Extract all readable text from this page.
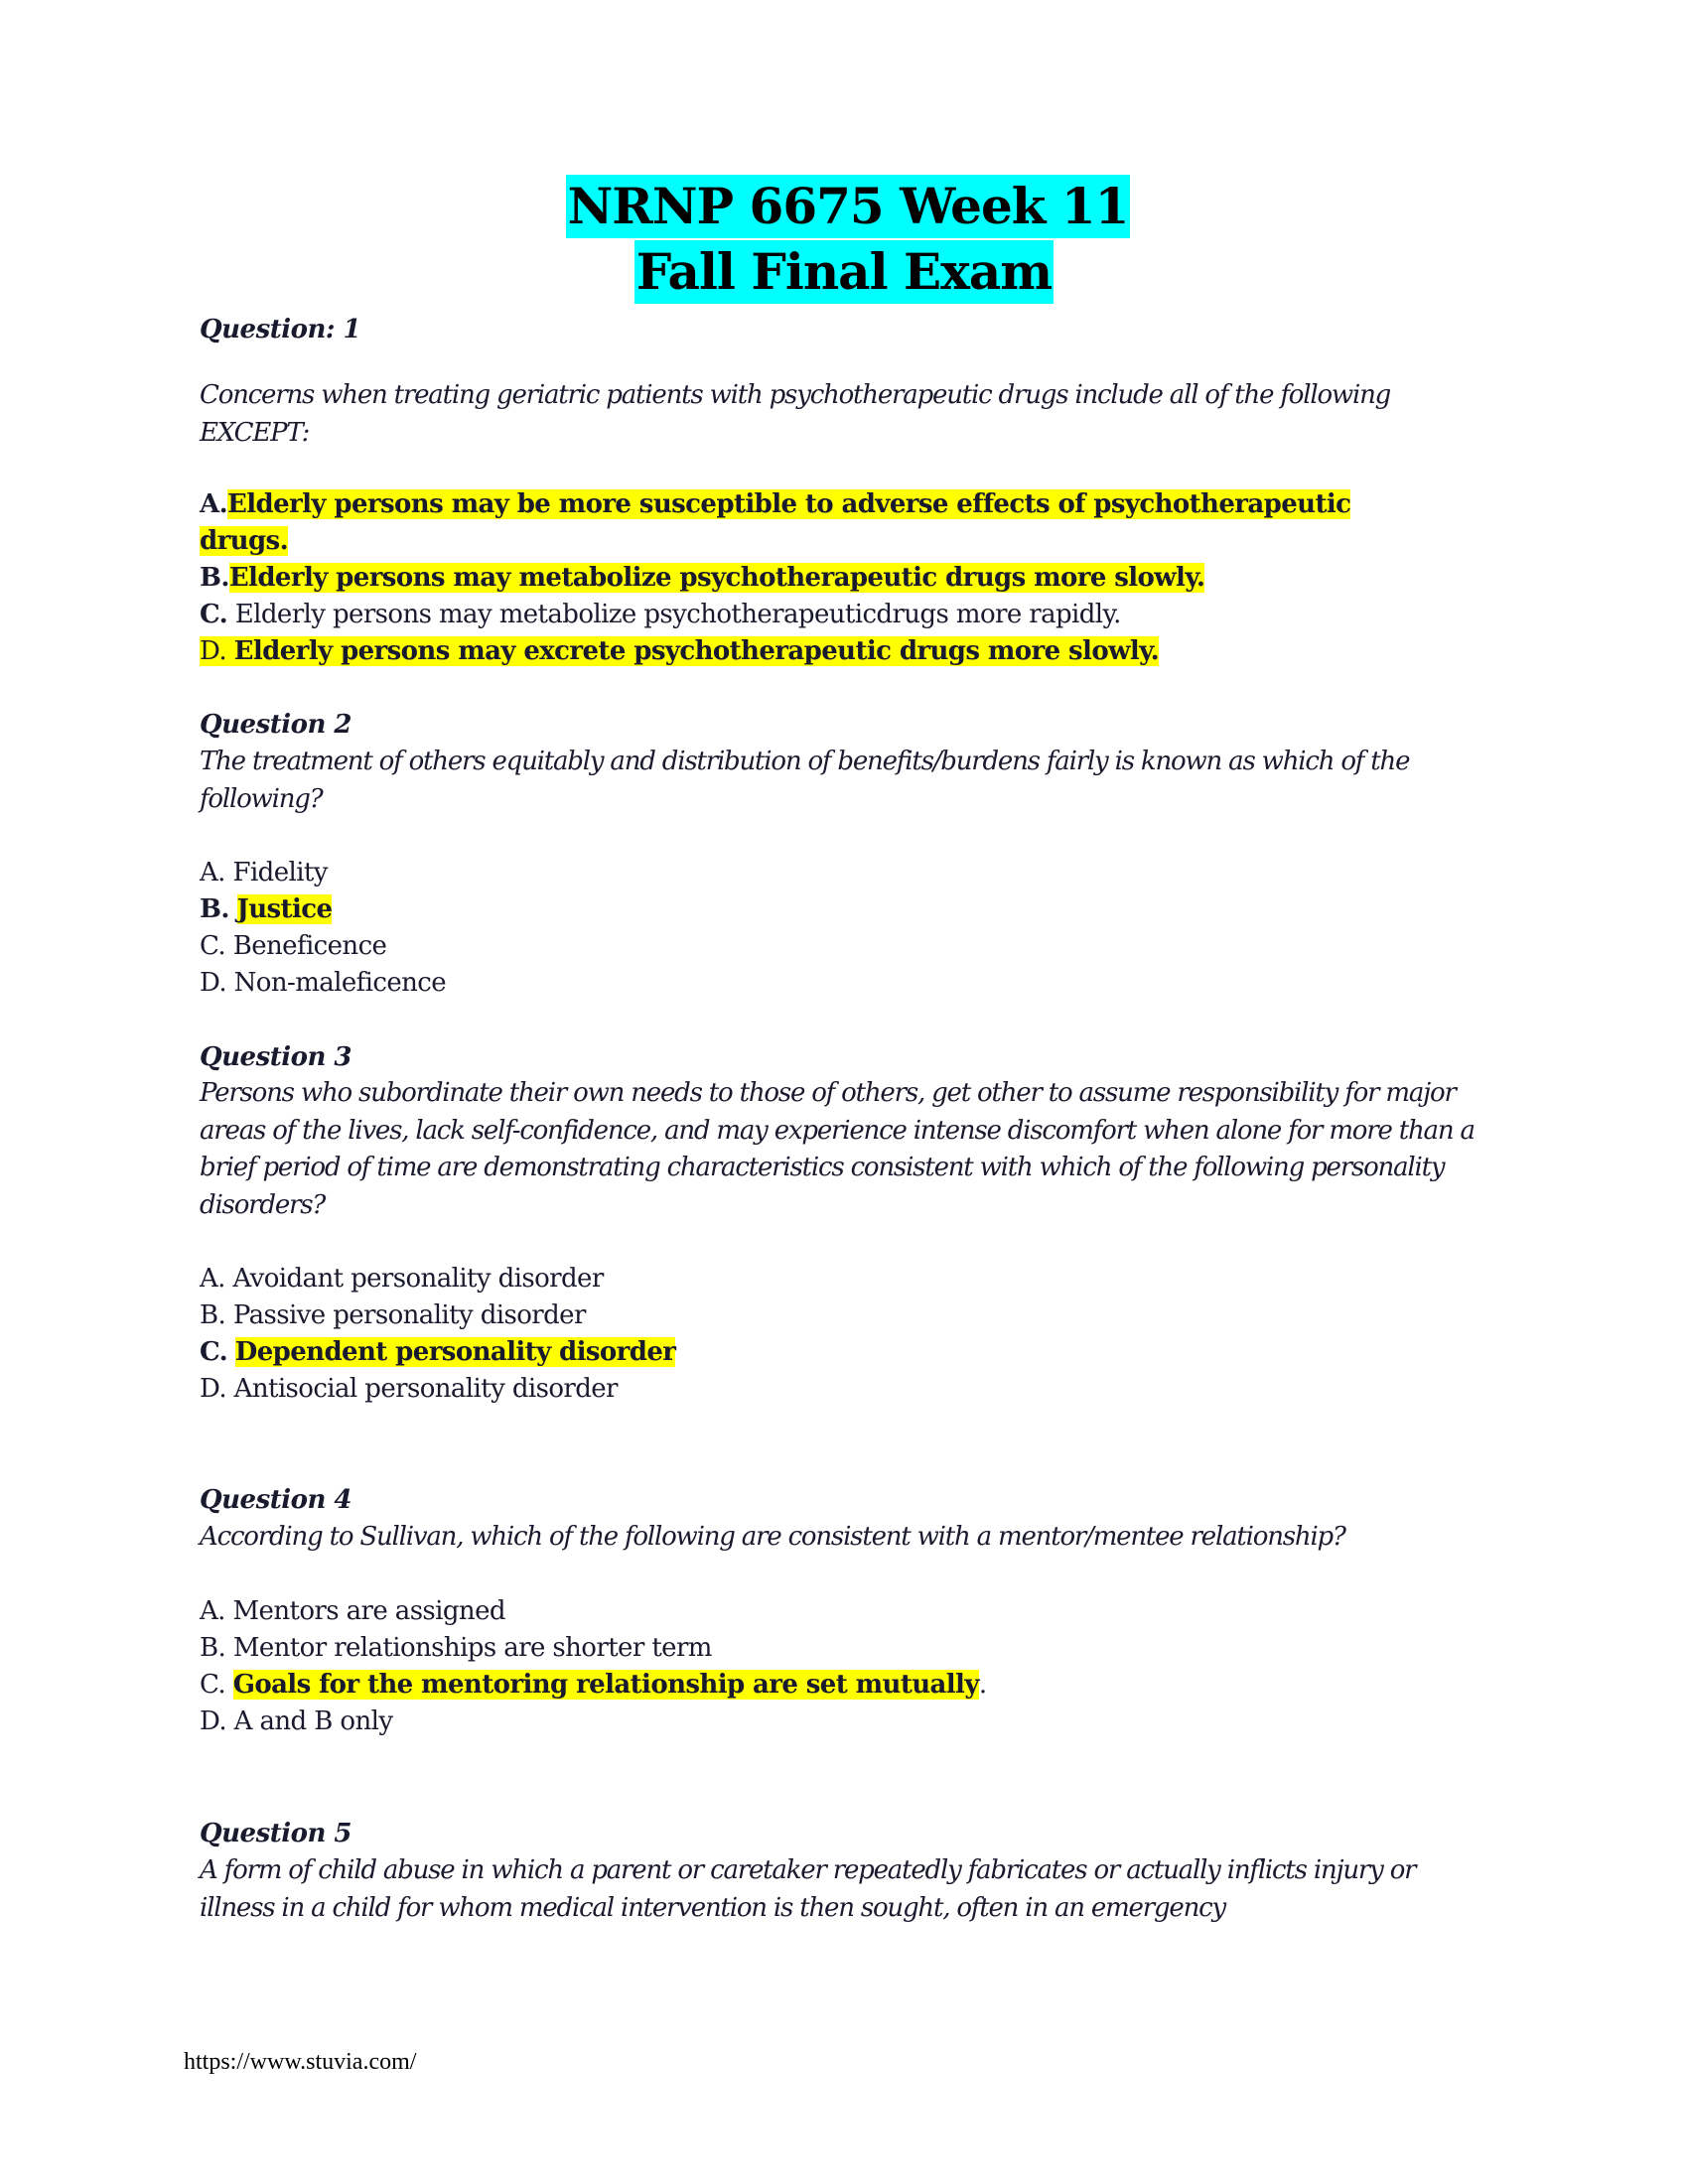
NRNP 6675 Week 11
Fall Final Exam
Question: 1
Concerns when treating geriatric patients with psychotherapeutic drugs include all of the following EXCEPT:
A.Elderly persons may be more susceptible to adverse effects of psychotherapeutic drugs.
B.Elderly persons may metabolize psychotherapeutic drugs more slowly.
C. Elderly persons may metabolize psychotherapeuticdrugs more rapidly.
D. Elderly persons may excrete psychotherapeutic drugs more slowly.
Question 2
The treatment of others equitably and distribution of benefits/burdens fairly is known as which of the following?
A. Fidelity
B. Justice
C. Beneficence
D. Non-maleficence
Question 3
Persons who subordinate their own needs to those of others, get other to assume responsibility for major areas of the lives, lack self-confidence, and may experience intense discomfort when alone for more than a brief period of time are demonstrating characteristics consistent with which of the following personality disorders?
A. Avoidant personality disorder
B. Passive personality disorder
C. Dependent personality disorder
D. Antisocial personality disorder
Question 4
According to Sullivan, which of the following are consistent with a mentor/mentee relationship?
A. Mentors are assigned
B. Mentor relationships are shorter term
C. Goals for the mentoring relationship are set mutually.
D. A and B only
Question 5
A form of child abuse in which a parent or caretaker repeatedly fabricates or actually inflicts injury or illness in a child for whom medical intervention is then sought, often in an emergency
https://www.stuvia.com/
